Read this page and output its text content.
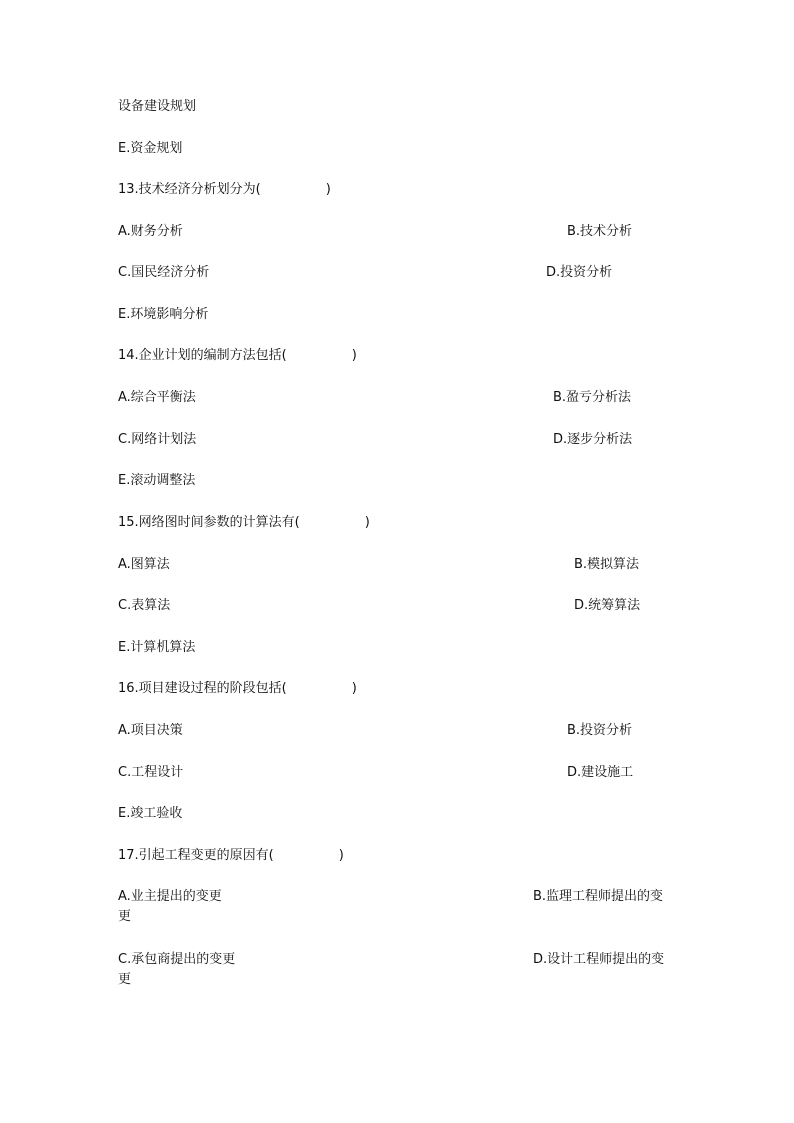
设备建设规划
E.资金规划
13.技术经济分析划分为(　　　　　)
A.财务分析	B.技术分析
C.国民经济分析	D.投资分析
E.环境影响分析
14.企业计划的编制方法包括(　　　　　)
A.综合平衡法	B.盈亏分析法
C.网络计划法	D.逐步分析法
E.滚动调整法
15.网络图时间参数的计算法有(　　　　　)
A.图算法	B.模拟算法
C.表算法	D.统筹算法
E.计算机算法
16.项目建设过程的阶段包括(　　　　　)
A.项目决策	B.投资分析
C.工程设计	D.建设施工
E.竣工验收
17.引起工程变更的原因有(　　　　　)
A.业主提出的变更	B.监理工程师提出的变
更
C.承包商提出的变更	D.设计工程师提出的变
更
